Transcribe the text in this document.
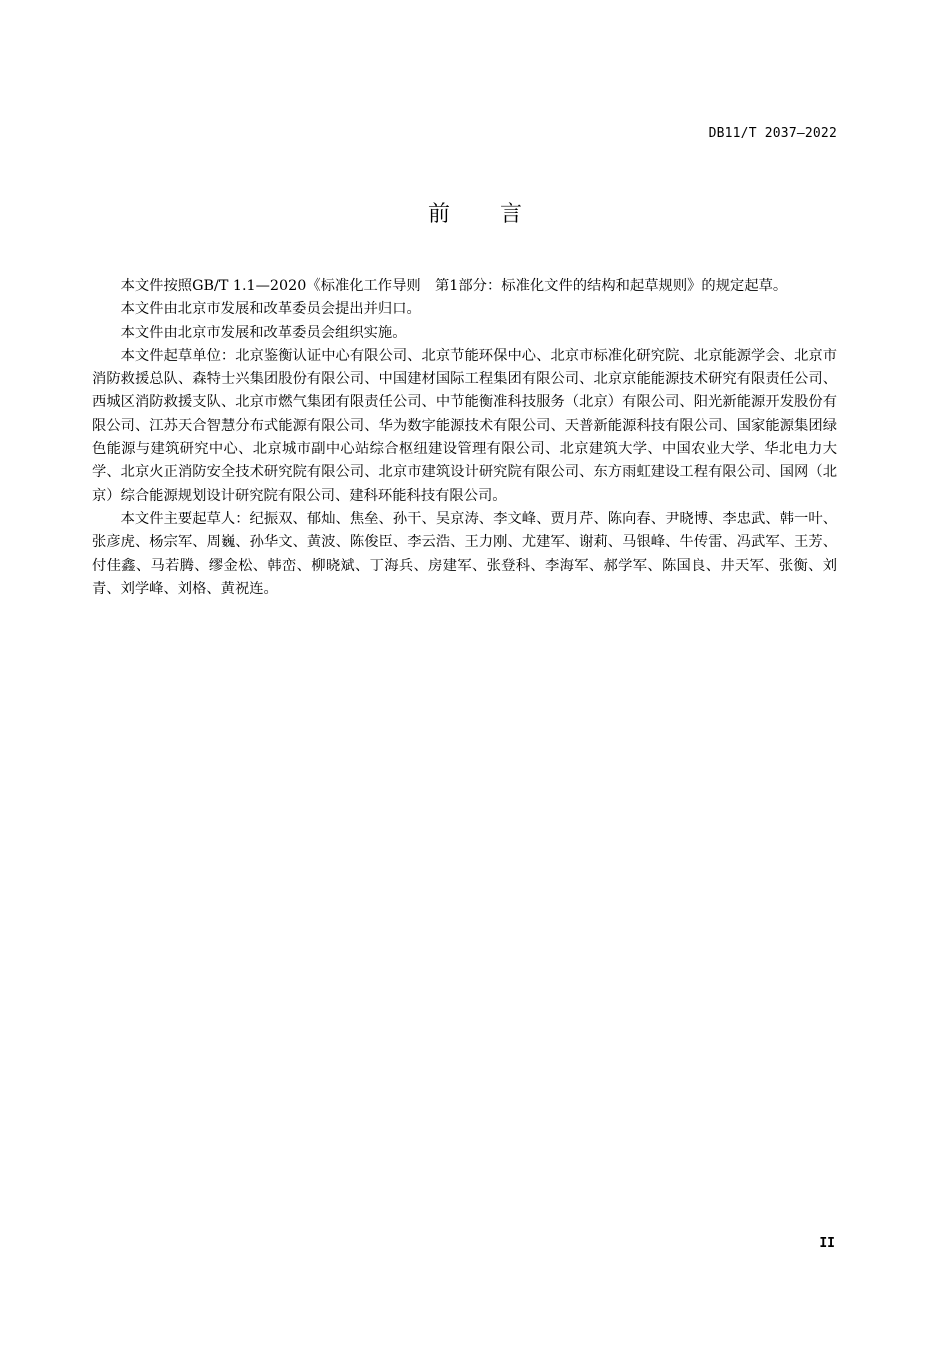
DB11/T 2037—2022
前 言

本文件按照GB/T 1.1—2020《标准化工作导则　第1部分：标准化文件的结构和起草规则》的规定起草。

本文件由北京市发展和改革委员会提出并归口。

本文件由北京市发展和改革委员会组织实施。

本文件起草单位：北京鉴衡认证中心有限公司、北京节能环保中心、北京市标准化研究院、北京能源学会、北京市消防救援总队、森特士兴集团股份有限公司、中国建材国际工程集团有限公司、北京京能能源技术研究有限责任公司、西城区消防救援支队、北京市燃气集团有限责任公司、中节能衡准科技服务（北京）有限公司、阳光新能源开发股份有限公司、江苏天合智慧分布式能源有限公司、华为数字能源技术有限公司、天普新能源科技有限公司、国家能源集团绿色能源与建筑研究中心、北京城市副中心站综合枢纽建设管理有限公司、北京建筑大学、中国农业大学、华北电力大学、北京火正消防安全技术研究院有限公司、北京市建筑设计研究院有限公司、东方雨虹建设工程有限公司、国网（北京）综合能源规划设计研究院有限公司、建科环能科技有限公司。

本文件主要起草人：纪振双、郁灿、焦垒、孙干、吴京涛、李文峰、贾月芹、陈向春、尹晓博、李忠武、韩一叶、张彦虎、杨宗军、周巍、孙华文、黄波、陈俊臣、李云浩、王力刚、尤建军、谢莉、马银峰、牛传雷、冯武军、王芳、付佳鑫、马若腾、缪金松、韩峦、柳晓斌、丁海兵、房建军、张登科、李海军、郝学军、陈国良、井天军、张衡、刘青、刘学峰、刘格、黄祝连。

II
